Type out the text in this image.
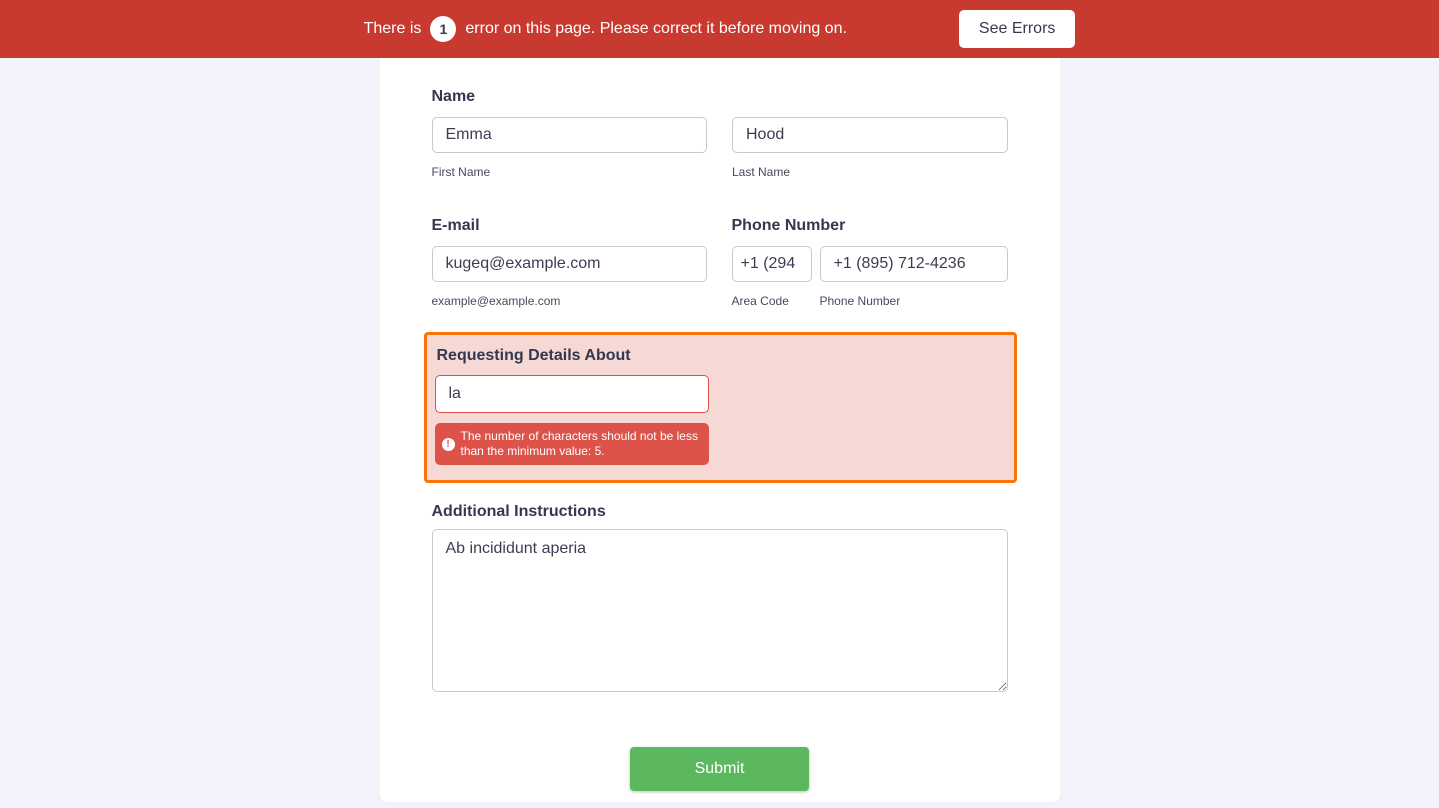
There is	1	error on this page. Please correct it before moving on.	See Errors
Name
Emma
First Name
Hood	Last Name
E-mail
kugeq@example.com
example@example.com
Phone Number
+1 (294
Area Code
+1 (895) 712-4236	Phone Number
Requesting Details About
la
!
The number of characters should not be less than the minimum value: 5.
Additional Instructions
Ab incididunt aperia
Submit
